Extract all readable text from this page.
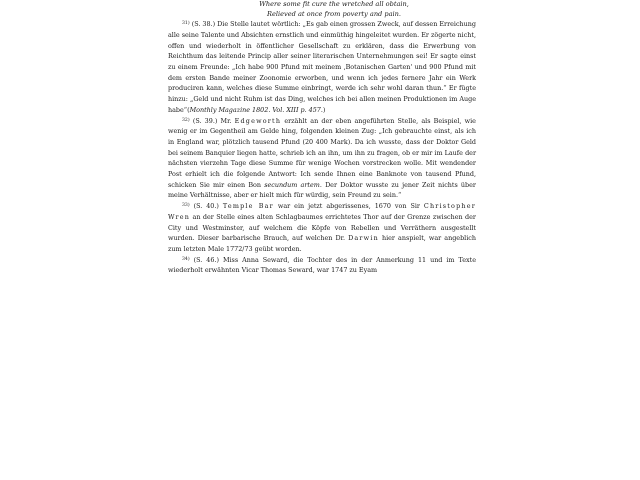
Where some fit cure the wretched all obtain,
Relieved at once from poverty and pain.

$^{31)}$ (S. 38.) Die Stelle lautet wörtlich: „Es gab einen grossen Zweck, auf dessen Erreichung alle seine Talente und Absichten ernstlich und einmüthig hingeleitet wurden. Er zögerte nicht, offen und wiederholt in öffentlicher Gesellschaft zu erklären, dass die Erwerbung von Reichthum das leitende Princip aller seiner literarischen Unternehmungen sei! Er sagte einst zu einem Freunde: „Ich habe 900 Pfund mit meinem ‚Botanischen Garten' und 900 Pfund mit dem ersten Bande meiner Zoonomie erworben, und wenn ich jedes fernere Jahr ein Werk produciren kann, welches diese Summe einbringt, werde ich sehr wohl daran thun.“ Er fügte hinzu: „Geld und nicht Ruhm ist das Ding, welches ich bei allen meinen Produktionen im Auge habe“(Monthly Magazine 1802. Vol. XIII p. 457.)

$^{32)}$ (S. 39.) Mr. Edgeworth erzählt an der eben angeführten Stelle, als Beispiel, wie wenig er im Gegentheil am Gelde hing, folgenden kleinen Zug: „Ich gebrauchte einst, als ich in England war, plötzlich tausend Pfund (20 400 Mark). Da ich wusste, dass der Doktor Geld bei seinem Banquier liegen hatte, schrieb ich an ihn, um ihn zu fragen, ob er mir im Laufe der nächsten vierzehn Tage diese Summe für wenige Wochen vorstrecken wolle. Mit wendender Post erhielt ich die folgende Antwort: Ich sende Ihnen eine Banknote von tausend Pfund, schicken Sie mir einen Bon secundum artem. Der Doktor wusste zu jener Zeit nichts über meine Verhältnisse, aber er hielt mich für würdig, sein Freund zu sein.“

$^{33)}$ (S. 40.) Temple Bar war ein jetzt abgerissenes, 1670 von Sir Christopher Wren an der Stelle eines alten Schlagbaumes errichtetes Thor auf der Grenze zwischen der City und Westminster, auf welchem die Köpfe von Rebellen und Verräthern ausgestellt wurden. Dieser barbarische Brauch, auf welchen Dr. Darwin hier anspielt, war angeblich zum letzten Male 1772/73 geübt worden.

$^{34)}$ (S. 46.) Miss Anna Seward, die Tochter des in der Anmerkung 11 und im Texte wiederholt erwähnten Vicar Thomas Seward, war 1747 zu Eyam
